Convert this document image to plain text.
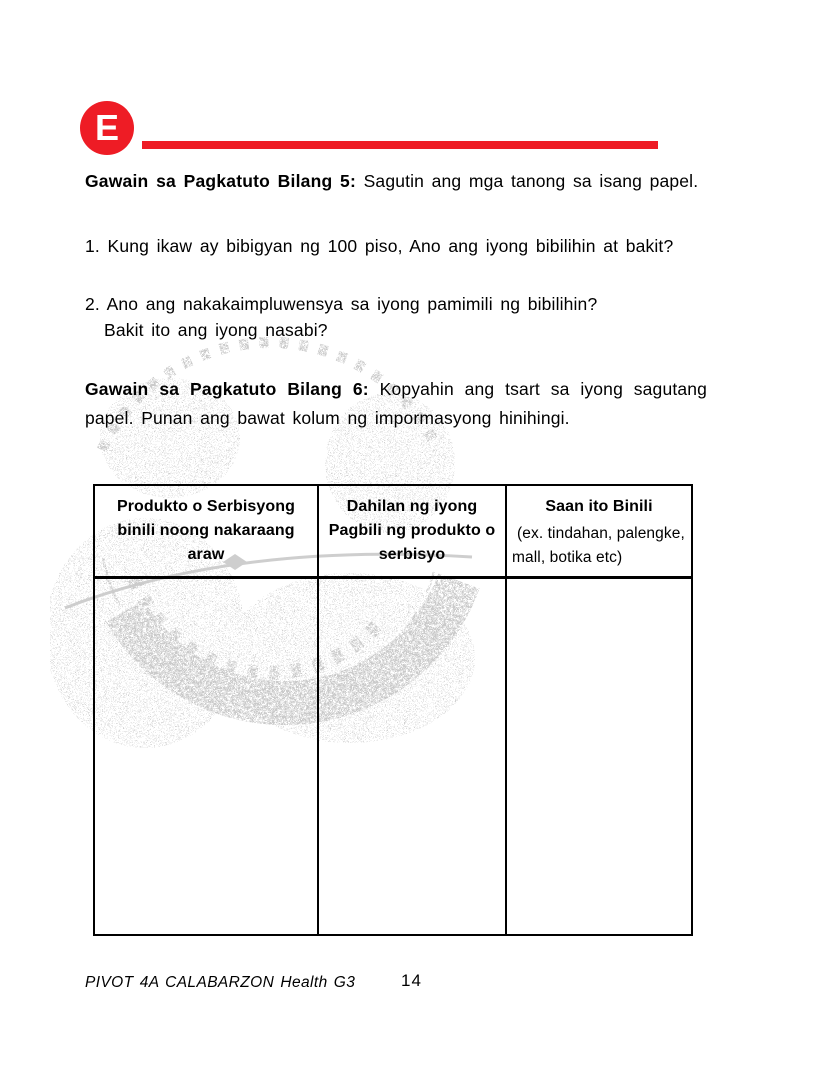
E

Gawain sa Pagkatuto Bilang 5: Sagutin ang mga tanong sa isang papel.

1. Kung ikaw ay bibigyan ng 100 piso, Ano ang iyong bibilihin at bakit?
2. Ano ang nakakaimpluwensya sa iyong pamimili ng bibilihin?
Bakit ito ang iyong nasabi?

Gawain sa Pagkatuto Bilang 6: Kopyahin ang tsart sa iyong sagutang papel. Punan ang bawat kolum ng impormasyong hinihingi.

Produkto o Serbisyong binili noong nakaraang araw	Dahilan ng iyong Pagbili ng produkto o serbisyo	Saan ito Binili
(ex. tindahan, palengke, mall, botika etc)

PIVOT 4A CALABARZON Health G3	14
